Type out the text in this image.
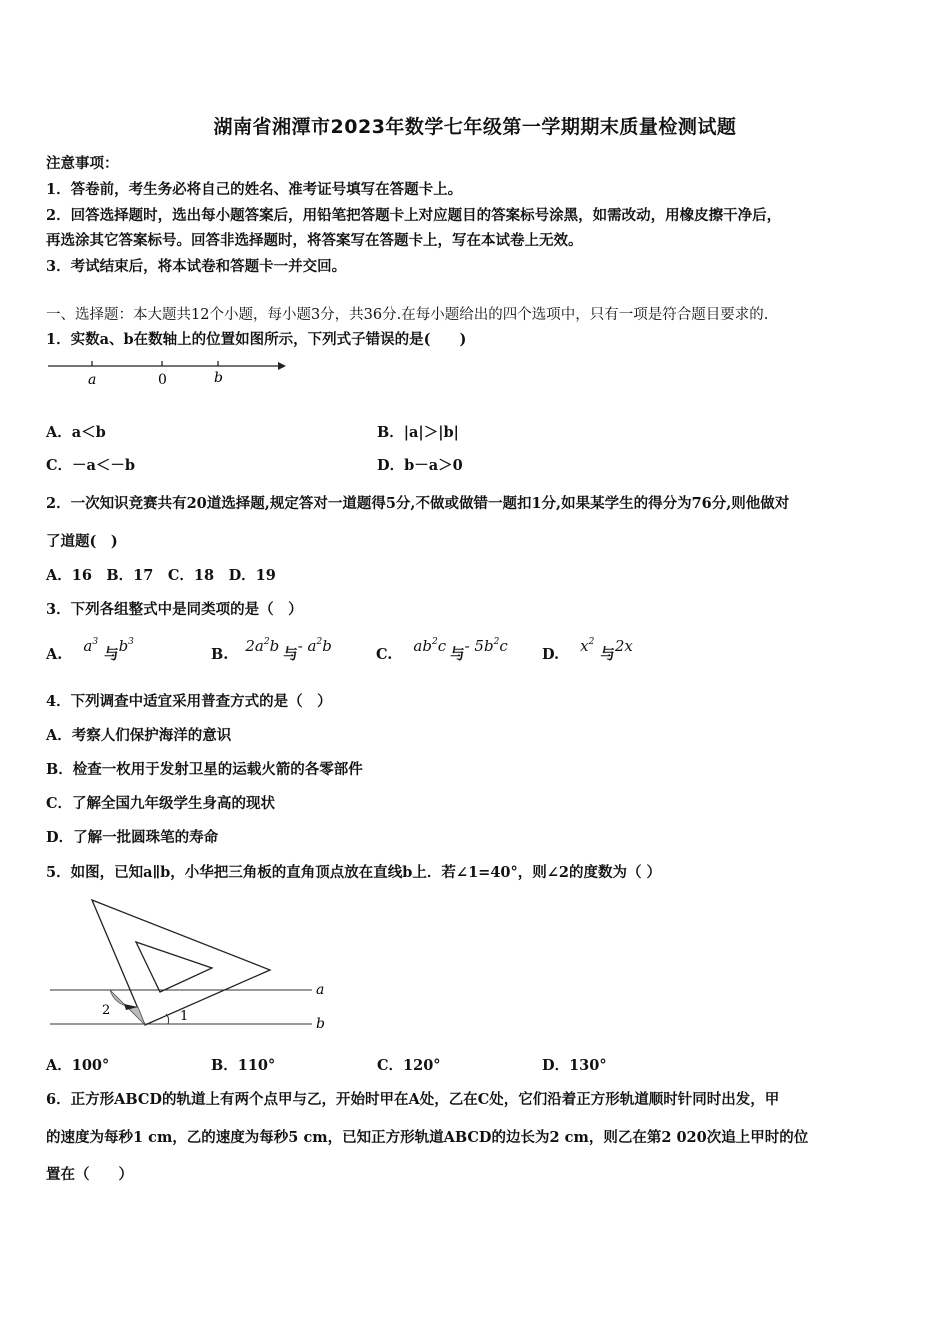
湖南省湘潭市2023年数学七年级第一学期期末质量检测试题
注意事项：
1．答卷前，考生务必将自己的姓名、准考证号填写在答题卡上。
2．回答选择题时，选出每小题答案后，用铅笔把答题卡上对应题目的答案标号涂黑，如需改动，用橡皮擦干净后，
再选涂其它答案标号。回答非选择题时，将答案写在答题卡上，写在本试卷上无效。
3．考试结束后，将本试卷和答题卡一并交回。
一、选择题：本大题共12个小题，每小题3分，共36分.在每小题给出的四个选项中，只有一项是符合题目要求的.
1．实数a、b在数轴上的位置如图所示，下列式子错误的是(　　)
a	0	b
A．a＜b	B．|a|＞|b|
C．－a＜－b	D．b－a＞0
2．一次知识竞赛共有20道选择题,规定答对一道题得5分,不做或做错一题扣1分,如果某学生的得分为76分,则他做对
了道题(　)
A．16　B．17　C．18　D．19
3．下列各组整式中是同类项的是（　）
A. $a^3$与$b^3$
B. $2a^2b$ 与- $a^2b$	C. $ab^2c$ 与- $5b^2c$ D. $x^2$与2x
4．下列调查中适宜采用普查方式的是（　）
A．考察人们保护海洋的意识
B．检查一枚用于发射卫星的运载火箭的各零部件
C．了解全国九年级学生身高的现状
D．了解一批圆珠笔的寿命
5．如图，已知a∥b，小华把三角板的直角顶点放在直线b上．若∠1=40°，则∠2的度数为（ ）
a
b
1
2
A．100°	B．110°	C．120°	D．130°
6．正方形ABCD的轨道上有两个点甲与乙，开始时甲在A处，乙在C处，它们沿着正方形轨道顺时针同时出发，甲
的速度为每秒1 cm，乙的速度为每秒5 cm，已知正方形轨道ABCD的边长为2 cm，则乙在第2 020次追上甲时的位
置在（　　）
